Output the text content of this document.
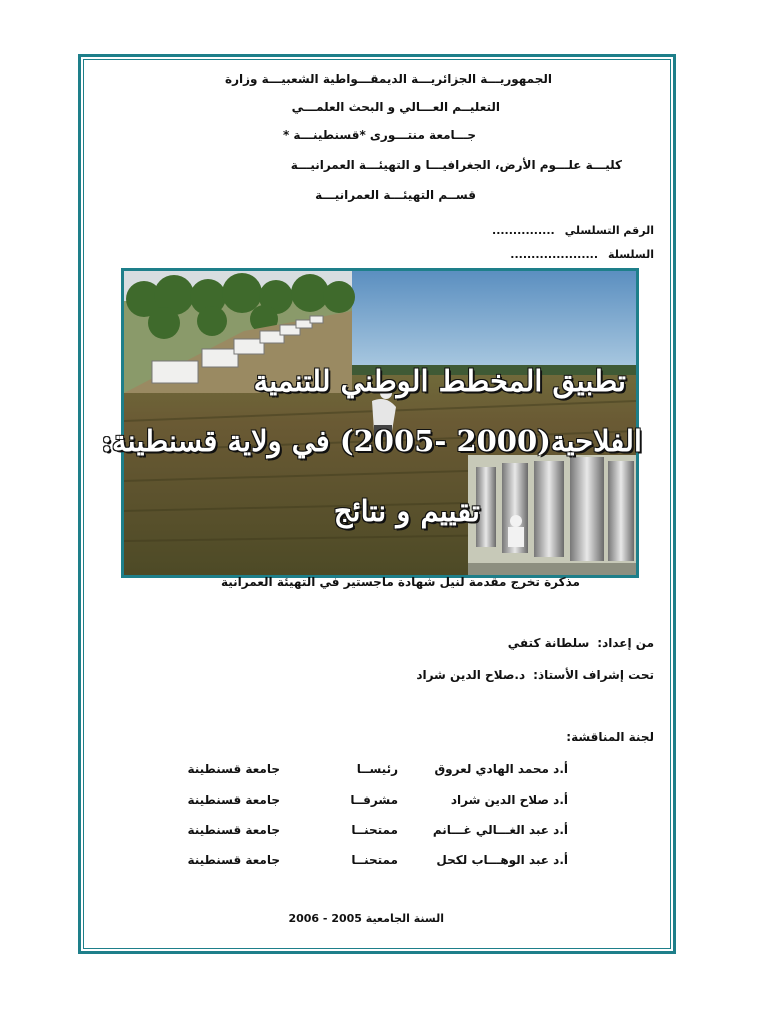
الجمهوريـــة الجزائريـــة الديمقـــواطية الشعبيـــة وزارة
التعليــم العـــالي و البحث العلمـــي
جـــامعة منتـــورى *قسنطينـــة *
كليـــة علـــوم الأرض، الجغرافيـــا و التهيئـــة العمرانيـــة
قســم التهيئـــة العمرانيـــة
الرقم التسلسلي
...............
السلسلة
.....................
تطبيق المخطط الوطني للتنمية
الفلاحية(2000 -2005) في ولاية قسنطينة:
تقييم و نتائج
مذكرة تخرج مقدمة لنيل شهادة ماجستير في التهيئة العمرانية
من إعداد:
سلطانة كتفي
تحت إشراف الأستاذ:
د.صلاح الدين شراد
لجنة المناقشة:
أ.د محمد الهادي لعروق
رئيســا
جامعة قسنطينة
أ.د صلاح الدين شراد
مشرفــا
جامعة قسنطينة
أ.د عبد الغـــالي غـــانم
ممتحنــا
جامعة قسنطينة
أ.د عبد الوهـــاب لكحل
ممتحنــا
جامعة قسنطينة
السنة الجامعية 2005 - 2006
